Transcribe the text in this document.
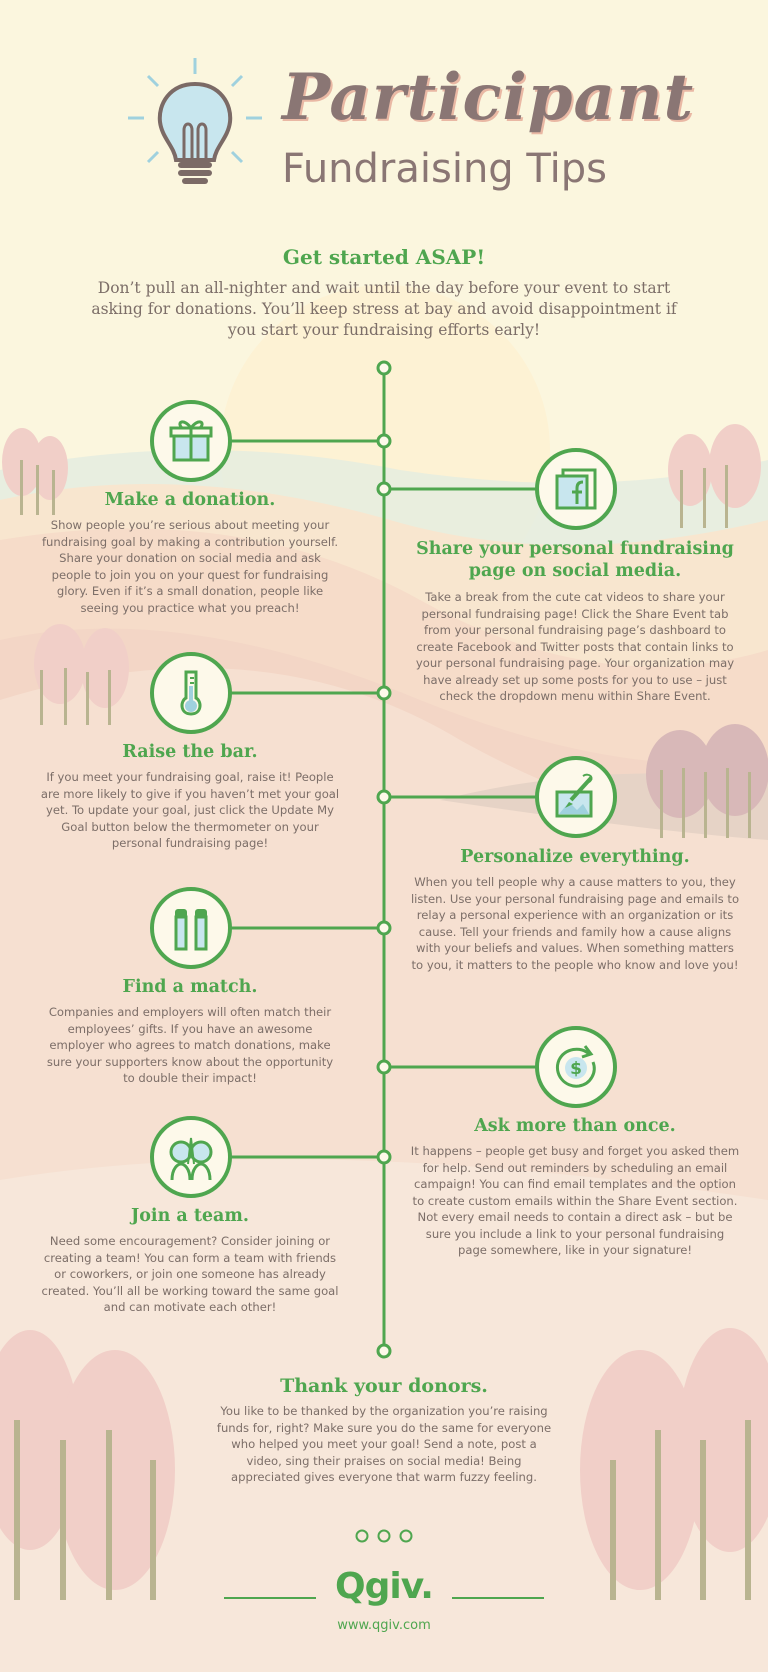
Participant
Fundraising Tips
Get started ASAP!
Don’t pull an all-nighter and wait until the day before your event to start asking for donations. You’ll keep stress at bay and avoid disappointment if you start your fundraising efforts early!
Make a donation.
Show people you’re serious about meeting your fundraising goal by making a contribution yourself. Share your donation on social media and ask people to join you on your quest for fundraising glory. Even if it’s a small donation, people like seeing you practice what you preach!
Share your personal fundraising page on social media.
Take a break from the cute cat videos to share your personal fundraising page! Click the Share Event tab from your personal fundraising page’s dashboard to create Facebook and Twitter posts that contain links to your personal fundraising page. Your organization may have already set up some posts for you to use – just check the dropdown menu within Share Event.
Raise the bar.
If you meet your fundraising goal, raise it! People are more likely to give if you haven’t met your goal yet. To update your goal, just click the Update My Goal button below the thermometer on your personal fundraising page!
Personalize everything.
When you tell people why a cause matters to you, they listen. Use your personal fundraising page and emails to relay a personal experience with an organization or its cause. Tell your friends and family how a cause aligns with your beliefs and values. When something matters to you, it matters to the people who know and love you!
Find a match.
Companies and employers will often match their employees’ gifts. If you have an awesome employer who agrees to match donations, make sure your supporters know about the opportunity to double their impact!	$
Ask more than once.
It happens – people get busy and forget you asked them for help. Send out reminders by scheduling an email campaign! You can find email templates and the option to create custom emails within the Share Event section. Not every email needs to contain a direct ask – but be sure you include a link to your personal fundraising page somewhere, like in your signature!
Join a team.
Need some encouragement? Consider joining or creating a team! You can form a team with friends or coworkers, or join one someone has already created. You’ll all be working toward the same goal and can motivate each other!
Thank your donors.
You like to be thanked by the organization you’re raising funds for, right? Make sure you do the same for everyone who helped you meet your goal! Send a note, post a video, sing their praises on social media! Being appreciated gives everyone that warm fuzzy feeling.
Qgiv.
www.qgiv.com
